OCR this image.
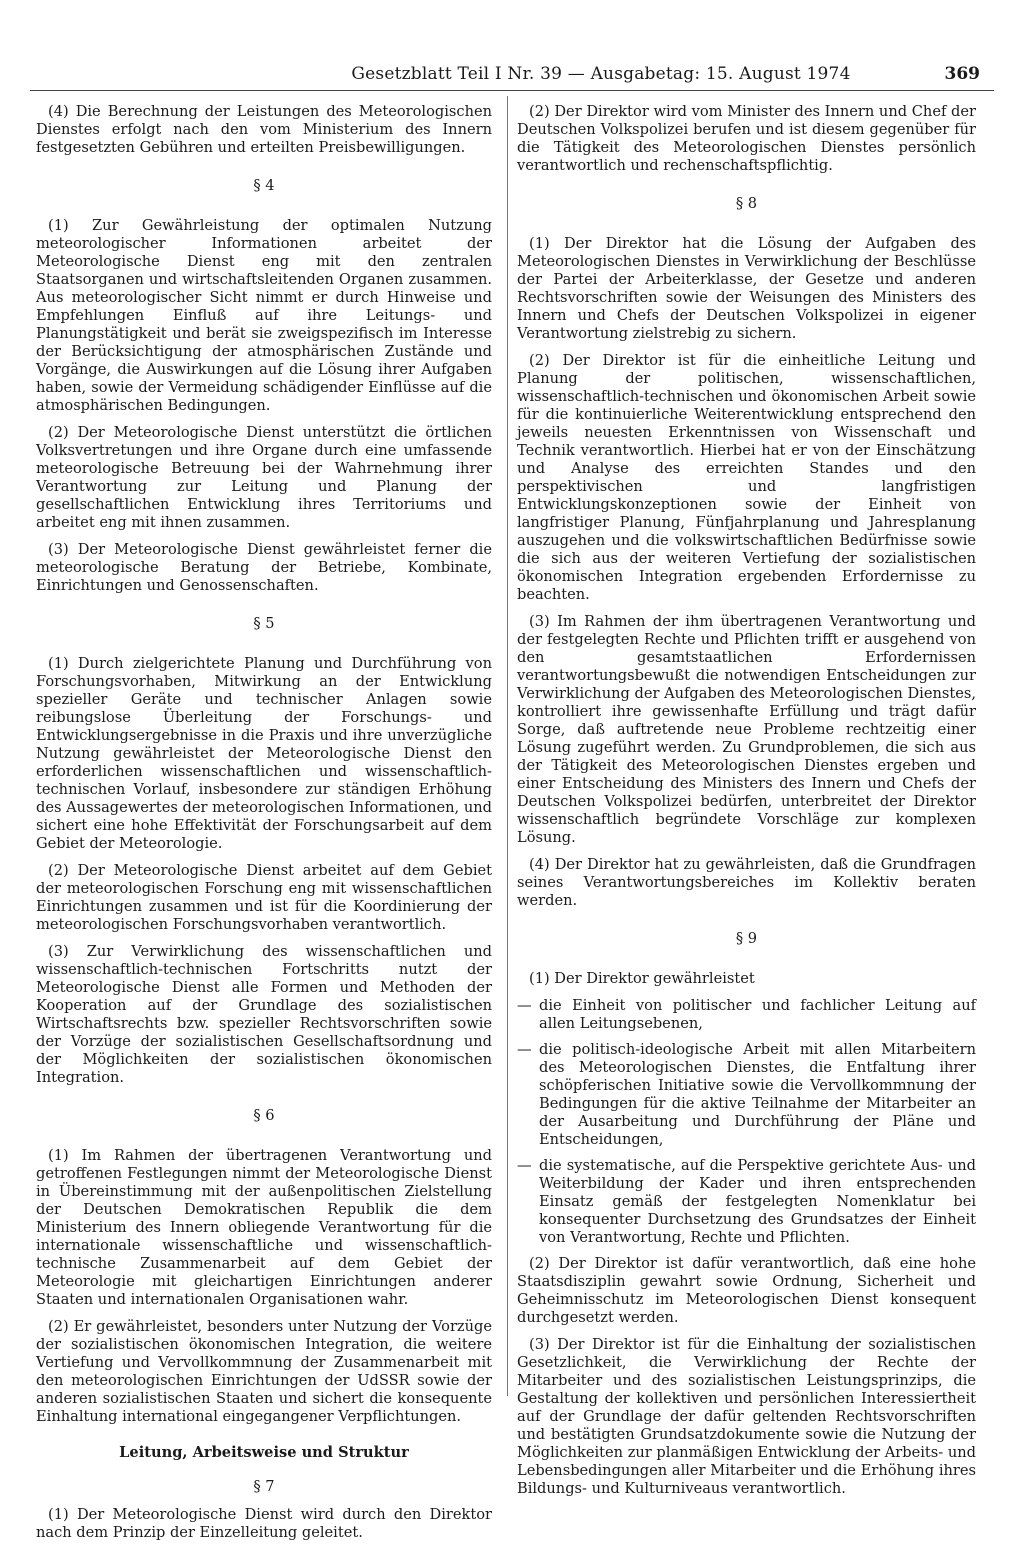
Gesetzblatt Teil I Nr. 39 — Ausgabetag: 15. August 1974	369

(4) Die Berechnung der Leistungen des Meteorologischen Dienstes erfolgt nach den vom Ministerium des Innern festgesetzten Gebühren und erteilten Preisbewilligungen.

§ 4

(1) Zur Gewährleistung der optimalen Nutzung meteorologischer Informationen arbeitet der Meteorologische Dienst eng mit den zentralen Staatsorganen und wirtschaftsleitenden Organen zusammen. Aus meteorologischer Sicht nimmt er durch Hinweise und Empfehlungen Einfluß auf ihre Leitungs- und Planungstätigkeit und berät sie zweigspezifisch im Interesse der Berücksichtigung der atmosphärischen Zustände und Vorgänge, die Auswirkungen auf die Lösung ihrer Aufgaben haben, sowie der Vermeidung schädigender Einflüsse auf die atmosphärischen Bedingungen.

(2) Der Meteorologische Dienst unterstützt die örtlichen Volksvertretungen und ihre Organe durch eine umfassende meteorologische Betreuung bei der Wahrnehmung ihrer Verantwortung zur Leitung und Planung der gesellschaftlichen Entwicklung ihres Territoriums und arbeitet eng mit ihnen zusammen.

(3) Der Meteorologische Dienst gewährleistet ferner die meteorologische Beratung der Betriebe, Kombinate, Einrichtungen und Genossenschaften.

§ 5

(1) Durch zielgerichtete Planung und Durchführung von Forschungsvorhaben, Mitwirkung an der Entwicklung spezieller Geräte und technischer Anlagen sowie reibungslose Überleitung der Forschungs- und Entwicklungsergebnisse in die Praxis und ihre unverzügliche Nutzung gewährleistet der Meteorologische Dienst den erforderlichen wissenschaftlichen und wissenschaftlich-technischen Vorlauf, insbesondere zur ständigen Erhöhung des Aussagewertes der meteorologischen Informationen, und sichert eine hohe Effektivität der Forschungsarbeit auf dem Gebiet der Meteorologie.

(2) Der Meteorologische Dienst arbeitet auf dem Gebiet der meteorologischen Forschung eng mit wissenschaftlichen Einrichtungen zusammen und ist für die Koordinierung der meteorologischen Forschungsvorhaben verantwortlich.

(3) Zur Verwirklichung des wissenschaftlichen und wissenschaftlich-technischen Fortschritts nutzt der Meteorologische Dienst alle Formen und Methoden der Kooperation auf der Grundlage des sozialistischen Wirtschaftsrechts bzw. spezieller Rechtsvorschriften sowie der Vorzüge der sozialistischen Gesellschaftsordnung und der Möglichkeiten der sozialistischen ökonomischen Integration.

§ 6

(1) Im Rahmen der übertragenen Verantwortung und getroffenen Festlegungen nimmt der Meteorologische Dienst in Übereinstimmung mit der außenpolitischen Zielstellung der Deutschen Demokratischen Republik die dem Ministerium des Innern obliegende Verantwortung für die internationale wissenschaftliche und wissenschaftlich-technische Zusammenarbeit auf dem Gebiet der Meteorologie mit gleichartigen Einrichtungen anderer Staaten und internationalen Organisationen wahr.

(2) Er gewährleistet, besonders unter Nutzung der Vorzüge der sozialistischen ökonomischen Integration, die weitere Vertiefung und Vervollkommnung der Zusammenarbeit mit den meteorologischen Einrichtungen der UdSSR sowie der anderen sozialistischen Staaten und sichert die konsequente Einhaltung international eingegangener Verpflichtungen.

Leitung, Arbeitsweise und Struktur
§ 7

(1) Der Meteorologische Dienst wird durch den Direktor nach dem Prinzip der Einzelleitung geleitet.

(2) Der Direktor wird vom Minister des Innern und Chef der Deutschen Volkspolizei berufen und ist diesem gegenüber für die Tätigkeit des Meteorologischen Dienstes persönlich verantwortlich und rechenschaftspflichtig.

§ 8

(1) Der Direktor hat die Lösung der Aufgaben des Meteorologischen Dienstes in Verwirklichung der Beschlüsse der Partei der Arbeiterklasse, der Gesetze und anderen Rechtsvorschriften sowie der Weisungen des Ministers des Innern und Chefs der Deutschen Volkspolizei in eigener Verantwortung zielstrebig zu sichern.

(2) Der Direktor ist für die einheitliche Leitung und Planung der politischen, wissenschaftlichen, wissenschaftlich-technischen und ökonomischen Arbeit sowie für die kontinuierliche Weiterentwicklung entsprechend den jeweils neuesten Erkenntnissen von Wissenschaft und Technik verantwortlich. Hierbei hat er von der Einschätzung und Analyse des erreichten Standes und den perspektivischen und langfristigen Entwicklungskonzeptionen sowie der Einheit von langfristiger Planung, Fünfjahrplanung und Jahresplanung auszugehen und die volkswirtschaftlichen Bedürfnisse sowie die sich aus der weiteren Vertiefung der sozialistischen ökonomischen Integration ergebenden Erfordernisse zu beachten.

(3) Im Rahmen der ihm übertragenen Verantwortung und der festgelegten Rechte und Pflichten trifft er ausgehend von den gesamtstaatlichen Erfordernissen verantwortungsbewußt die notwendigen Entscheidungen zur Verwirklichung der Aufgaben des Meteorologischen Dienstes, kontrolliert ihre gewissenhafte Erfüllung und trägt dafür Sorge, daß auftretende neue Probleme rechtzeitig einer Lösung zugeführt werden. Zu Grundproblemen, die sich aus der Tätigkeit des Meteorologischen Dienstes ergeben und einer Entscheidung des Ministers des Innern und Chefs der Deutschen Volkspolizei bedürfen, unterbreitet der Direktor wissenschaftlich begründete Vorschläge zur komplexen Lösung.

(4) Der Direktor hat zu gewährleisten, daß die Grundfragen seines Verantwortungsbereiches im Kollektiv beraten werden.

§ 9

(1) Der Direktor gewährleistet

— die Einheit von politischer und fachlicher Leitung auf allen Leitungsebenen,
— die politisch-ideologische Arbeit mit allen Mitarbeitern des Meteorologischen Dienstes, die Entfaltung ihrer schöpferischen Initiative sowie die Vervollkommnung der Bedingungen für die aktive Teilnahme der Mitarbeiter an der Ausarbeitung und Durchführung der Pläne und Entscheidungen,
— die systematische, auf die Perspektive gerichtete Aus- und Weiterbildung der Kader und ihren entsprechenden Einsatz gemäß der festgelegten Nomenklatur bei konsequenter Durchsetzung des Grundsatzes der Einheit von Verantwortung, Rechte und Pflichten.

(2) Der Direktor ist dafür verantwortlich, daß eine hohe Staatsdisziplin gewahrt sowie Ordnung, Sicherheit und Geheimnisschutz im Meteorologischen Dienst konsequent durchgesetzt werden.

(3) Der Direktor ist für die Einhaltung der sozialistischen Gesetzlichkeit, die Verwirklichung der Rechte der Mitarbeiter und des sozialistischen Leistungsprinzips, die Gestaltung der kollektiven und persönlichen Interessiertheit auf der Grundlage der dafür geltenden Rechtsvorschriften und bestätigten Grundsatzdokumente sowie die Nutzung der Möglichkeiten zur planmäßigen Entwicklung der Arbeits- und Lebensbedingungen aller Mitarbeiter und die Erhöhung ihres Bildungs- und Kulturniveaus verantwortlich.
